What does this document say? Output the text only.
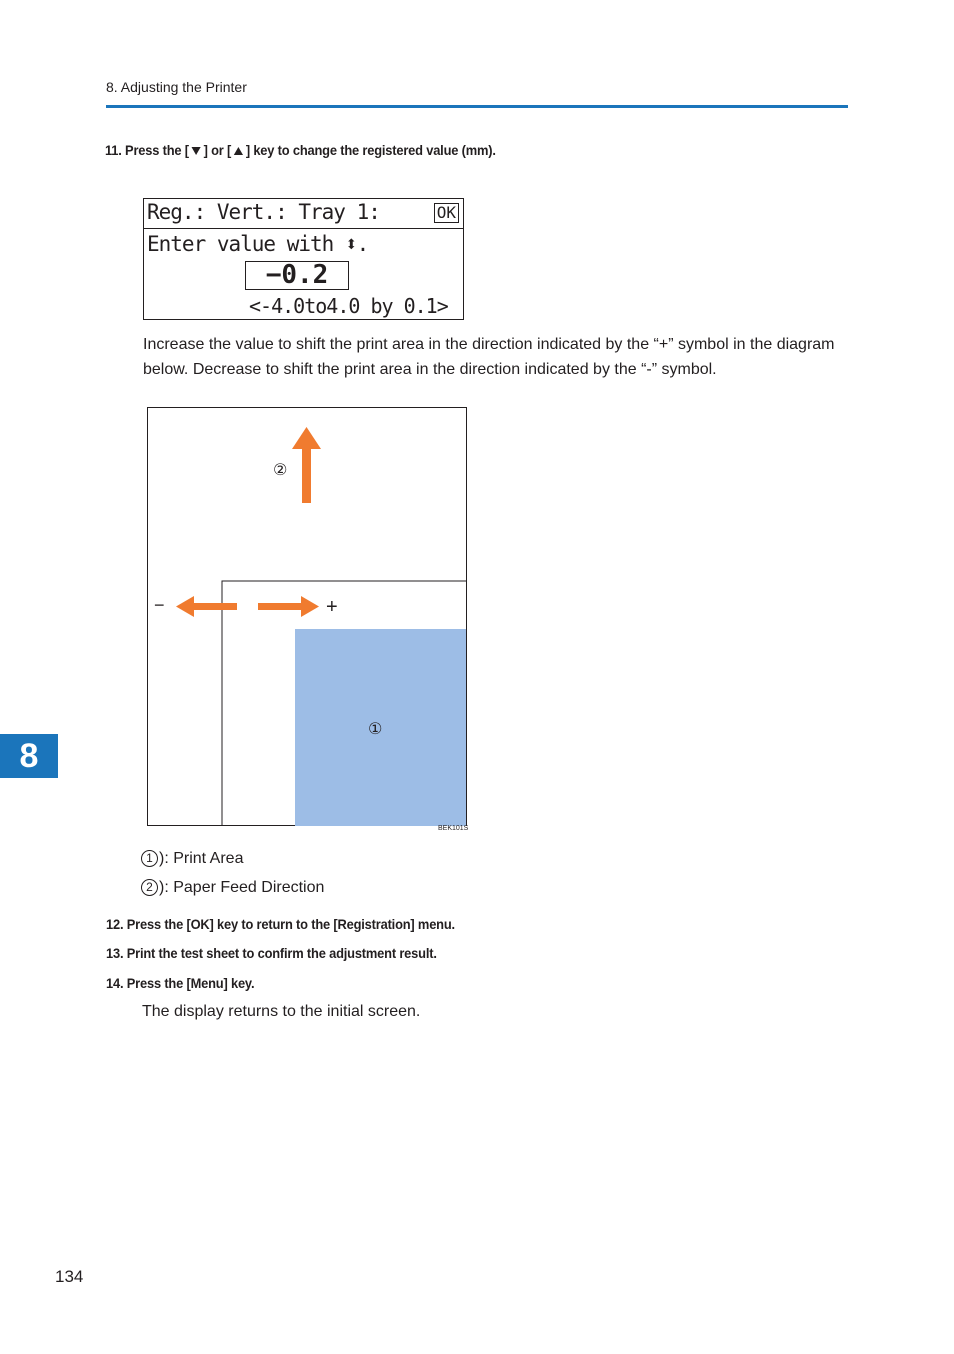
8. Adjusting the Printer
11. Press the [ ] or [ ] key to change the registered value (mm).
Reg.: Vert.: Tray 1:	OK
Enter value with ⬍.
−0.2
<-4.0to4.0 by 0.1>
Increase the value to shift the print area in the direction indicated by the “+” symbol in the diagram below. Decrease to shift the print area in the direction indicated by the “-” symbol.
②
①
−	+
BEK101S
1 ): Print Area
2 ): Paper Feed Direction
12. Press the [OK] key to return to the [Registration] menu.
13. Print the test sheet to confirm the adjustment result.
14. Press the [Menu] key.
The display returns to the initial screen.
8
134
